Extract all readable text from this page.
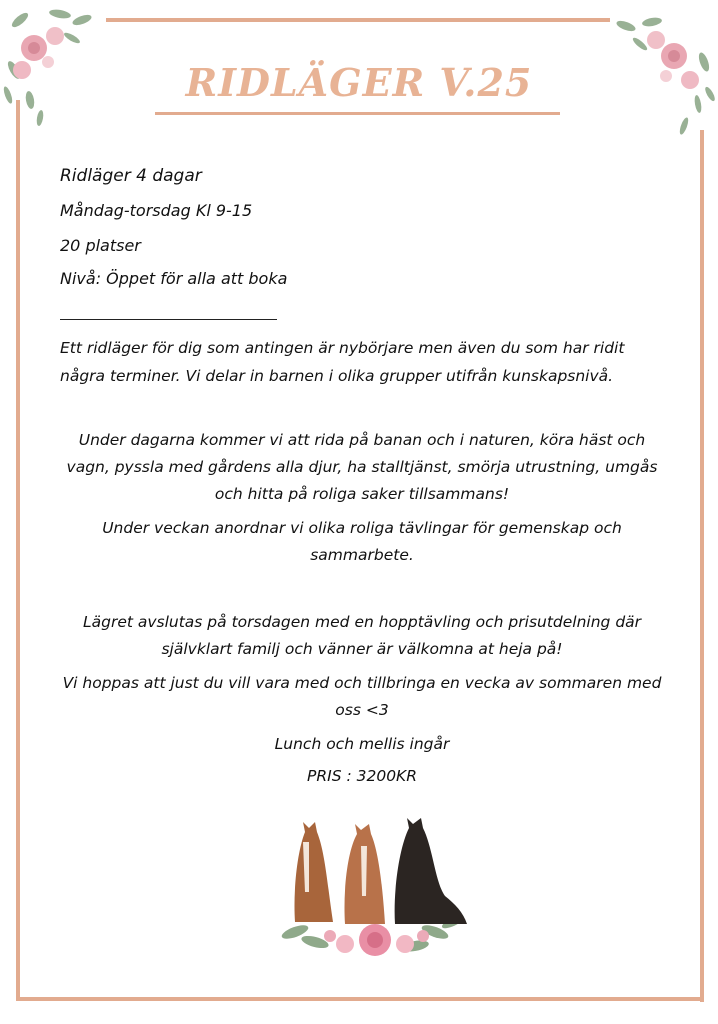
RIDLÄGER V.25
Ridläger 4 dagar
Måndag-torsdag Kl 9-15
20 platser
Nivå: Öppet för alla att boka
Ett ridläger för dig som antingen är nybörjare men även du som har ridit några terminer. Vi delar in barnen i olika grupper utifrån kunskapsnivå.
Under dagarna kommer vi att rida på banan och i naturen, köra häst och vagn, pyssla med gårdens alla djur, ha stalltjänst, smörja utrustning, umgås och hitta på roliga saker tillsammans!
Under veckan anordnar vi olika roliga tävlingar för gemenskap och sammarbete.
Lägret avslutas på torsdagen med en hopptävling och prisutdelning där självklart familj och vänner är välkomna at heja på!
Vi hoppas att just du vill vara med och tillbringa en vecka av sommaren med oss <3
Lunch och mellis ingår
PRIS : 3200KR
